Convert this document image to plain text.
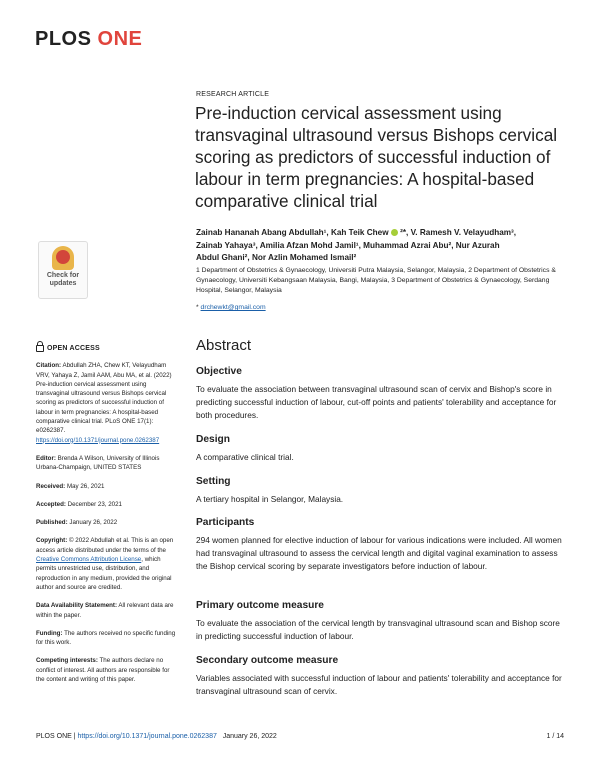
PLOS ONE
RESEARCH ARTICLE
Pre-induction cervical assessment using transvaginal ultrasound versus Bishops cervical scoring as predictors of successful induction of labour in term pregnancies: A hospital-based comparative clinical trial
Zainab Hananah Abang Abdullah¹, Kah Teik Chew ²*, V. Ramesh V. Velayudham³,
Zainab Yahaya³, Amilia Afzan Mohd Jamil¹, Muhammad Azrai Abu², Nur Azurah
Abdul Ghani², Nor Azlin Mohamed Ismail²
1 Department of Obstetrics & Gynaecology, Universiti Putra Malaysia, Selangor, Malaysia, 2 Department of Obstetrics & Gynaecology, Universiti Kebangsaan Malaysia, Bangi, Malaysia, 3 Department of Obstetrics & Gynaecology, Serdang Hospital, Selangor, Malaysia
* drchewkt@gmail.com
Check for
updates
OPEN ACCESS

Citation: Abdullah ZHA, Chew KT, Velayudham VRV, Yahaya Z, Jamil AAM, Abu MA, et al. (2022) Pre-induction cervical assessment using transvaginal ultrasound versus Bishops cervical scoring as predictors of successful induction of labour in term pregnancies: A hospital-based comparative clinical trial. PLoS ONE 17(1): e0262387. https://doi.org/10.1371/journal.pone.0262387

Editor: Brenda A Wilson, University of Illinois Urbana-Champaign, UNITED STATES

Received: May 26, 2021

Accepted: December 23, 2021

Published: January 26, 2022

Copyright: © 2022 Abdullah et al. This is an open access article distributed under the terms of the Creative Commons Attribution License, which permits unrestricted use, distribution, and reproduction in any medium, provided the original author and source are credited.

Data Availability Statement: All relevant data are within the paper.

Funding: The authors received no specific funding for this work.

Competing interests: The authors declare no conflict of interest. All authors are responsible for the content and writing of this paper.

Abstract
Objective

To evaluate the association between transvaginal ultrasound scan of cervix and Bishop's score in predicting successful induction of labour, cut-off points and patients' tolerability and acceptance for both procedures.

Design

A comparative clinical trial.

Setting

A tertiary hospital in Selangor, Malaysia.

Participants

294 women planned for elective induction of labour for various indications were included. All women had transvaginal ultrasound to assess the cervical length and digital vaginal examination to assess the Bishop cervical scoring by separate investigators before induction of labour.

Primary outcome measure

To evaluate the association of the cervical length by transvaginal ultrasound scan and Bishop score in predicting successful induction of labour.

Secondary outcome measure

Variables associated with successful induction of labour and patients' tolerability and acceptance for transvaginal ultrasound scan of cervix.

PLOS ONE | https://doi.org/10.1371/journal.pone.0262387 January 26, 2022	1 / 14
